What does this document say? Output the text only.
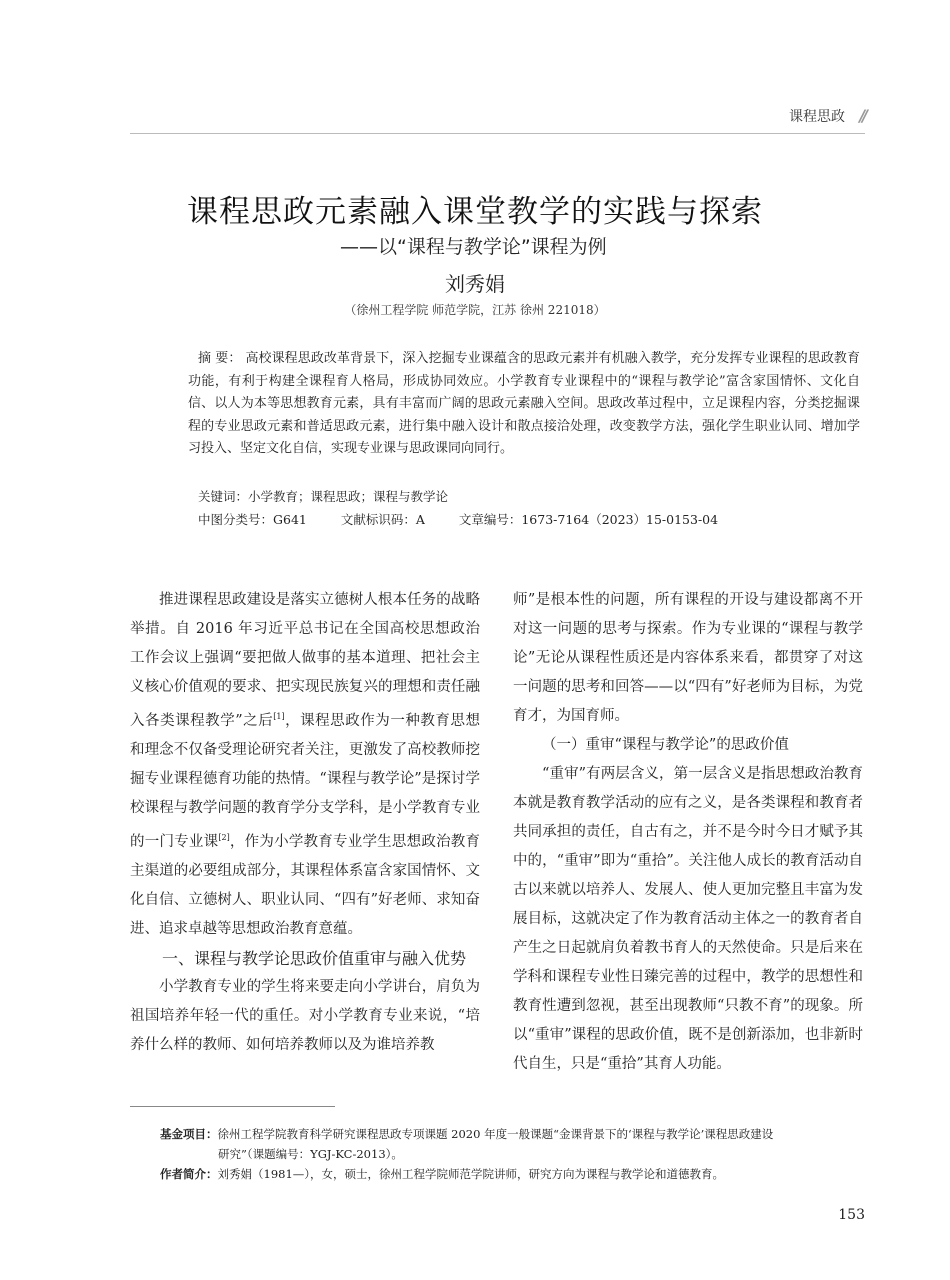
课程思政 //
课程思政元素融入课堂教学的实践与探索
——以“课程与教学论”课程为例
刘秀娟
（徐州工程学院 师范学院，江苏 徐州 221018）
摘 要： 高校课程思政改革背景下，深入挖掘专业课蕴含的思政元素并有机融入教学，充分发挥专业课程的思政教育功能，有利于构建全课程育人格局，形成协同效应。小学教育专业课程中的“课程与教学论”富含家国情怀、文化自信、以人为本等思想教育元素，具有丰富而广阔的思政元素融入空间。思政改革过程中，立足课程内容，分类挖掘课程的专业思政元素和普适思政元素，进行集中融入设计和散点接洽处理，改变教学方法，强化学生职业认同、增加学习投入、坚定文化自信，实现专业课与思政课同向同行。
关键词：小学教育；课程思政；课程与教学论
中图分类号：G641	文献标识码：A	文章编号：1673-7164（2023）15-0153-04

推进课程思政建设是落实立德树人根本任务的战略举措。自 2016 年习近平总书记在全国高校思想政治工作会议上强调“要把做人做事的基本道理、把社会主义核心价值观的要求、把实现民族复兴的理想和责任融入各类课程教学”之后[1]，课程思政作为一种教育思想和理念不仅备受理论研究者关注，更激发了高校教师挖掘专业课程德育功能的热情。“课程与教学论”是探讨学校课程与教学问题的教育学分支学科，是小学教育专业的一门专业课[2]，作为小学教育专业学生思想政治教育主渠道的必要组成部分，其课程体系富含家国情怀、文化自信、立德树人、职业认同、“四有”好老师、求知奋进、追求卓越等思想政治教育意蕴。

一、课程与教学论思政价值重审与融入优势

小学教育专业的学生将来要走向小学讲台，肩负为祖国培养年轻一代的重任。对小学教育专业来说，“培养什么样的教师、如何培养教师以及为谁培养教

师”是根本性的问题，所有课程的开设与建设都离不开对这一问题的思考与探索。作为专业课的“课程与教学论”无论从课程性质还是内容体系来看，都贯穿了对这一问题的思考和回答——以“四有”好老师为目标，为党育才，为国育师。

（一）重审“课程与教学论”的思政价值

“重审”有两层含义，第一层含义是指思想政治教育本就是教育教学活动的应有之义，是各类课程和教育者共同承担的责任，自古有之，并不是今时今日才赋予其中的，“重审”即为“重拾”。关注他人成长的教育活动自古以来就以培养人、发展人、使人更加完整且丰富为发展目标，这就决定了作为教育活动主体之一的教育者自产生之日起就肩负着教书育人的天然使命。只是后来在学科和课程专业性日臻完善的过程中，教学的思想性和教育性遭到忽视，甚至出现教师“只教不育”的现象。所以“重审”课程的思政价值，既不是创新添加，也非新时代自生，只是“重拾”其育人功能。

基金项目：徐州工程学院教育科学研究课程思政专项课题 2020 年度一般课题“金课背景下的‘课程与教学论’课程思政建设
研究”（课题编号：YGJ-KC-2013）。
作者简介：刘秀娟（1981—），女，硕士，徐州工程学院师范学院讲师，研究方向为课程与教学论和道德教育。
153
